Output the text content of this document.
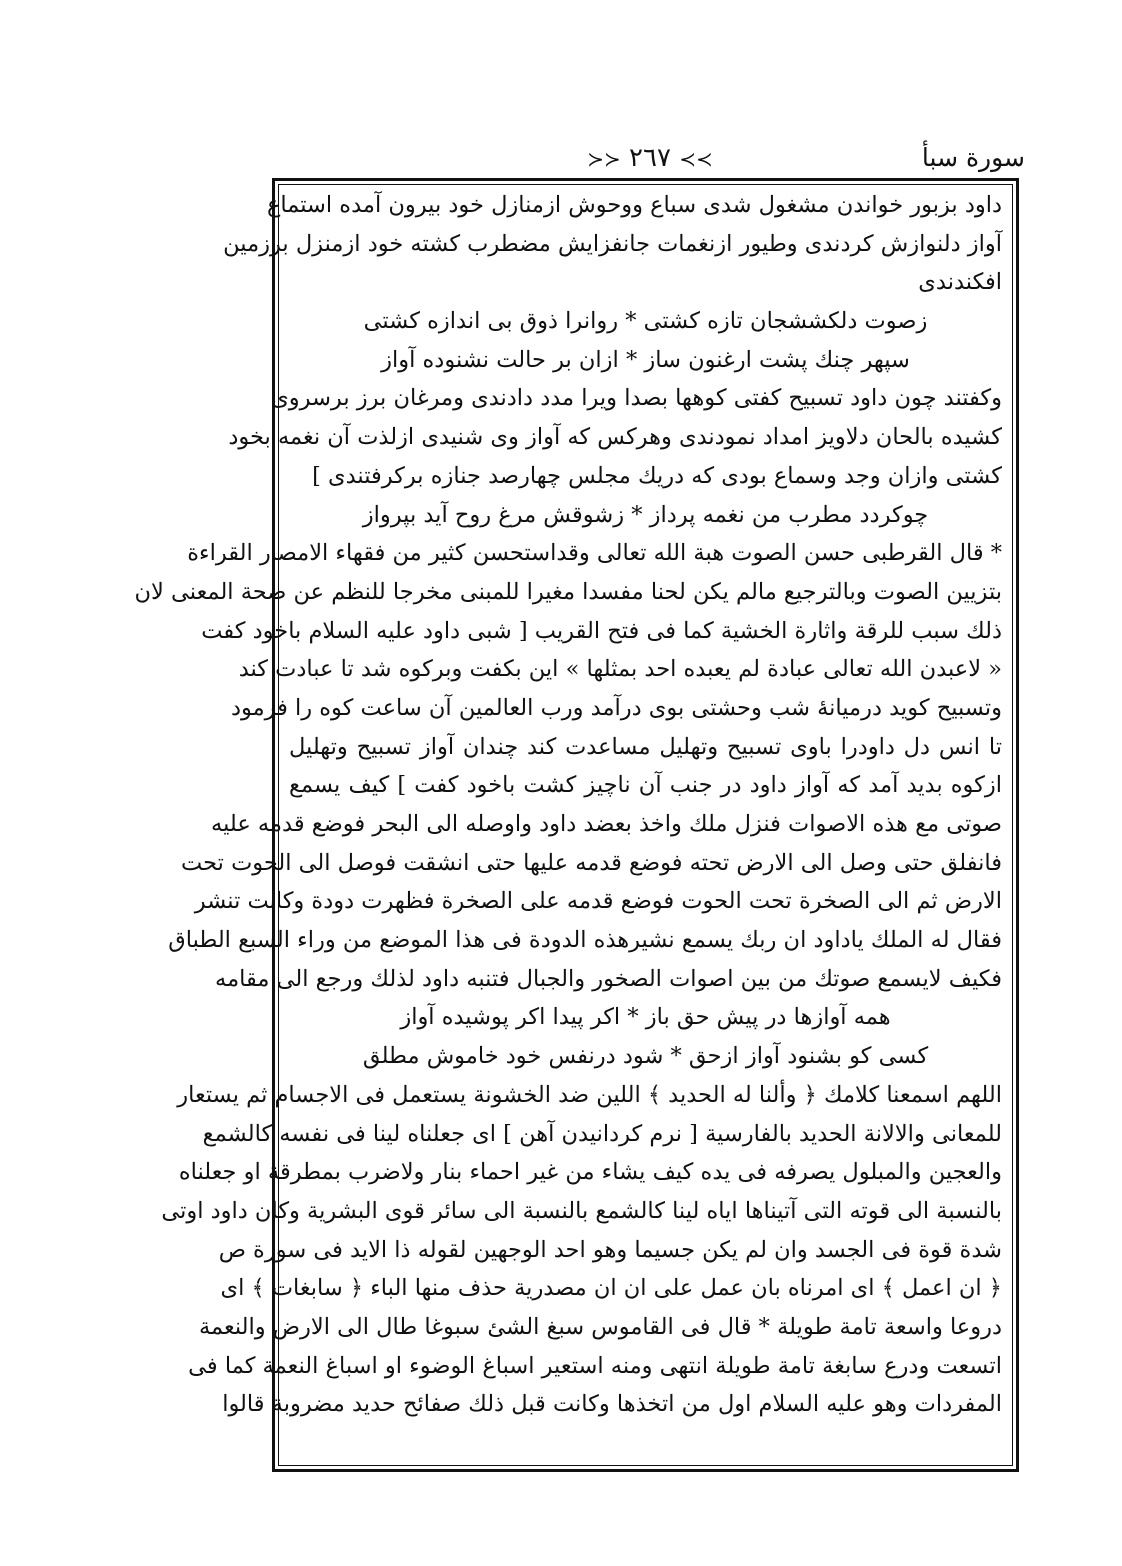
سورة سبأ
≻≻ ٢٦٧ ≺≺
داود بزبور خواندن مشغول شدى سباع ووحوش ازمنازل خود بيرون آمده استماع
آواز دلنوازش كردندى وطيور ازنغمات جانفزايش مضطرب كشته خود ازمنزل برزمين
افكندندى
زصوت دلكششجان تازه كشتى * روانرا ذوق بى اندازه كشتى
سپهر چنك پشت ارغنون ساز * ازان بر حالت نشنوده آواز
وكفتند چون داود تسبيح كفتى كوهها بصدا ويرا مدد دادندى ومرغان برز برسروى
كشيده بالحان دلاويز امداد نمودندى وهركس كه آواز وى شنيدى ازلذت آن نغمه بخود
كشتى وازان وجد وسماع بودى كه دريك مجلس چهارصد جنازه بركرفتندى ]
چوكردد مطرب من نغمه پرداز * زشوقش مرغ روح آيد بپرواز
* قال القرطبى حسن الصوت هبة الله تعالى وقداستحسن كثير من فقهاء الامصار القراءة
بتزيين الصوت وبالترجيع مالم يكن لحنا مفسدا مغيرا للمبنى مخرجا للنظم عن صحة المعنى لان
ذلك سبب للرقة واثارة الخشية كما فى فتح القريب [ شبى داود عليه السلام باخود كفت
« لاعبدن الله تعالى عبادة لم يعبده احد بمثلها » اين بكفت وبركوه شد تا عبادت كند
وتسبيح كويد درميانهٔ شب وحشتى بوى درآمد ورب العالمين آن ساعت كوه را فرمود
تا انس دل داودرا باوى تسبيح وتهليل مساعدت كند چندان آواز تسبيح وتهليل
ازكوه بديد آمد كه آواز داود در جنب آن ناچيز كشت باخود كفت ] كيف يسمع
صوتى مع هذه الاصوات فنزل ملك واخذ بعضد داود واوصله الى البحر فوضع قدمه عليه
فانفلق حتى وصل الى الارض تحته فوضع قدمه عليها حتى انشقت فوصل الى الحوت تحت
الارض ثم الى الصخرة تحت الحوت فوضع قدمه على الصخرة فظهرت دودة وكانت تنشر
فقال له الملك ياداود ان ربك يسمع نشيرهذه الدودة فى هذا الموضع من وراء السبع الطباق
فكيف لايسمع صوتك من بين اصوات الصخور والجبال فتنبه داود لذلك ورجع الى مقامه
همه آوازها در پيش حق باز * اكر پيدا اكر پوشيده آواز
كسى كو بشنود آواز ازحق * شود درنفس خود خاموش مطلق
اللهم اسمعنا كلامك ﴿ وألنا له الحديد ﴾ اللين ضد الخشونة يستعمل فى الاجسام ثم يستعار
للمعانى والالانة الحديد بالفارسية [ نرم كردانيدن آهن ] اى جعلناه لينا فى نفسه كالشمع
والعجين والمبلول يصرفه فى يده كيف يشاء من غير احماء بنار ولاضرب بمطرقة او جعلناه
بالنسبة الى قوته التى آتيناها اياه لينا كالشمع بالنسبة الى سائر قوى البشرية وكان داود اوتى
شدة قوة فى الجسد وان لم يكن جسيما وهو احد الوجهين لقوله ذا الايد فى سورة ص
﴿ ان اعمل ﴾ اى امرناه بان عمل على ان ان مصدرية حذف منها الباء ﴿ سابغات ﴾ اى
دروعا واسعة تامة طويلة * قال فى القاموس سبغ الشئ سبوغا طال الى الارض والنعمة
اتسعت ودرع سابغة تامة طويلة انتهى ومنه استعير اسباغ الوضوء او اسباغ النعمة كما فى
المفردات وهو عليه السلام اول من اتخذها وكانت قبل ذلك صفائح حديد مضروبة قالوا
